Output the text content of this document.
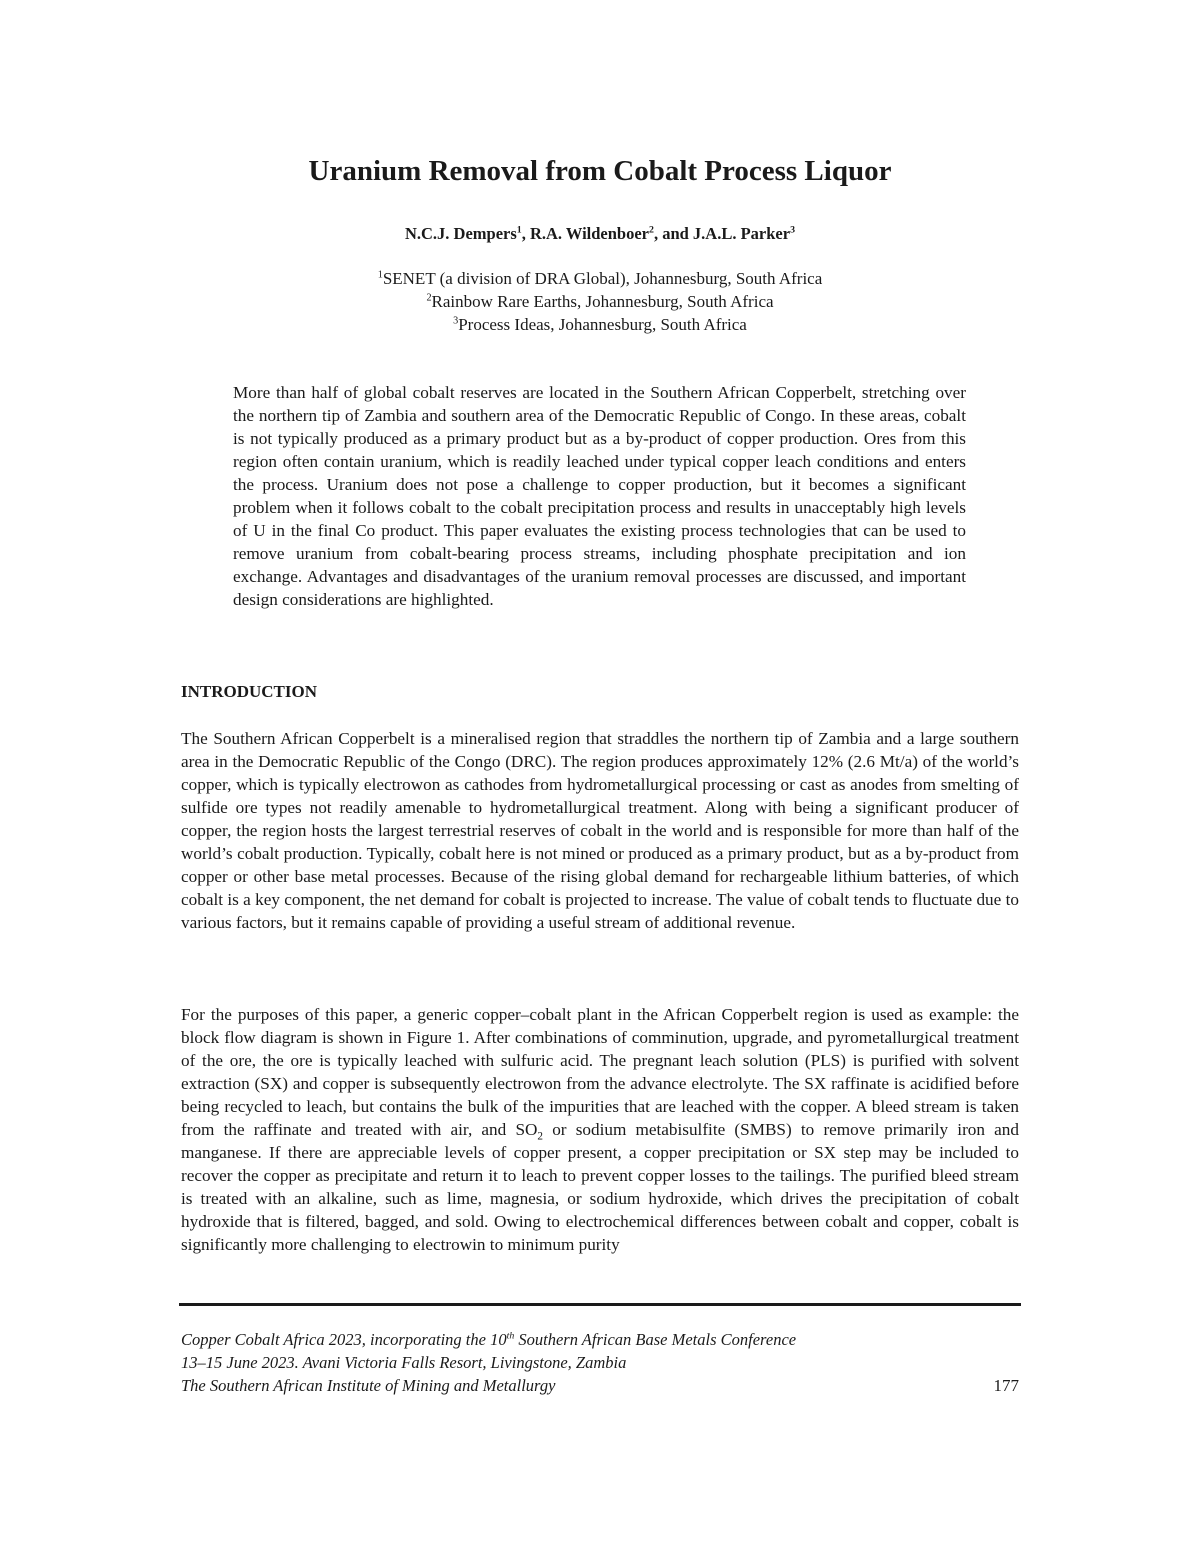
Uranium Removal from Cobalt Process Liquor
N.C.J. Dempers$^1$, R.A. Wildenboer$^2$, and J.A.L. Parker$^3$
$^1$SENET (a division of DRA Global), Johannesburg, South Africa
$^2$Rainbow Rare Earths, Johannesburg, South Africa
$^3$Process Ideas, Johannesburg, South Africa

More than half of global cobalt reserves are located in the Southern African Copperbelt, stretching over the northern tip of Zambia and southern area of the Democratic Republic of Congo. In these areas, cobalt is not typically produced as a primary product but as a by-product of copper production. Ores from this region often contain uranium, which is readily leached under typical copper leach conditions and enters the process. Uranium does not pose a challenge to copper production, but it becomes a significant problem when it follows cobalt to the cobalt precipitation process and results in unacceptably high levels of U in the final Co product. This paper evaluates the existing process technologies that can be used to remove uranium from cobalt-bearing process streams, including phosphate precipitation and ion exchange. Advantages and disadvantages of the uranium removal processes are discussed, and important design considerations are highlighted.

INTRODUCTION

The Southern African Copperbelt is a mineralised region that straddles the northern tip of Zambia and a large southern area in the Democratic Republic of the Congo (DRC). The region produces approximately 12% (2.6 Mt/a) of the world’s copper, which is typically electrowon as cathodes from hydrometallurgical processing or cast as anodes from smelting of sulfide ore types not readily amenable to hydrometallurgical treatment. Along with being a significant producer of copper, the region hosts the largest terrestrial reserves of cobalt in the world and is responsible for more than half of the world’s cobalt production. Typically, cobalt here is not mined or produced as a primary product, but as a by-product from copper or other base metal processes. Because of the rising global demand for rechargeable lithium batteries, of which cobalt is a key component, the net demand for cobalt is projected to increase. The value of cobalt tends to fluctuate due to various factors, but it remains capable of providing a useful stream of additional revenue.

For the purposes of this paper, a generic copper–cobalt plant in the African Copperbelt region is used as example: the block flow diagram is shown in Figure 1. After combinations of comminution, upgrade, and pyrometallurgical treatment of the ore, the ore is typically leached with sulfuric acid. The pregnant leach solution (PLS) is purified with solvent extraction (SX) and copper is subsequently electrowon from the advance electrolyte. The SX raffinate is acidified before being recycled to leach, but contains the bulk of the impurities that are leached with the copper. A bleed stream is taken from the raffinate and treated with air, and $SO_2$ or sodium metabisulfite (SMBS) to remove primarily iron and manganese. If there are appreciable levels of copper present, a copper precipitation or SX step may be included to recover the copper as precipitate and return it to leach to prevent copper losses to the tailings. The purified bleed stream is treated with an alkaline, such as lime, magnesia, or sodium hydroxide, which drives the precipitation of cobalt hydroxide that is filtered, bagged, and sold. Owing to electrochemical differences between cobalt and copper, cobalt is significantly more challenging to electrowin to minimum purity

Copper Cobalt Africa 2023, incorporating the 10th Southern African Base Metals Conference
13–15 June 2023. Avani Victoria Falls Resort, Livingstone, Zambia
The Southern African Institute of Mining and Metallurgy	177
